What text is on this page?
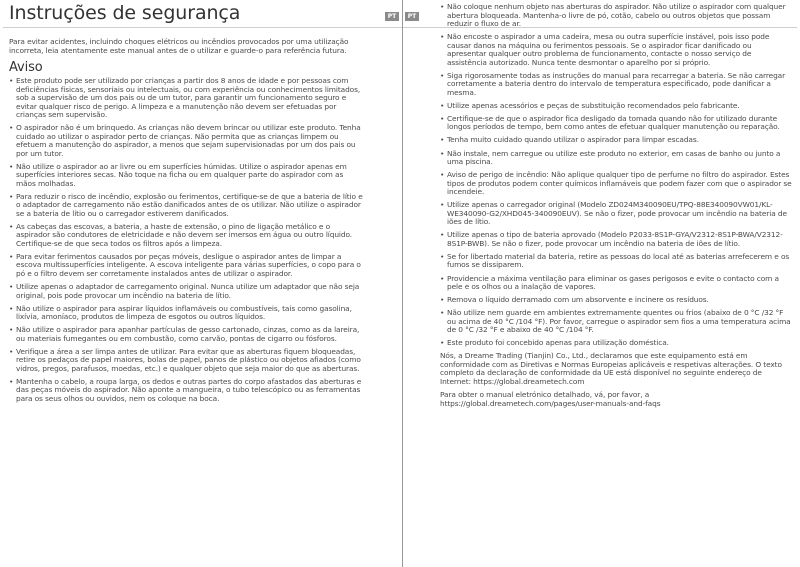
Instruções de segurança
Para evitar acidentes, incluindo choques elétricos ou incêndios provocados por uma utilização incorreta, leia atentamente este manual antes de o utilizar e guarde-o para referência futura.
Aviso
• Este produto pode ser utilizado por crianças a partir dos 8 anos de idade e por pessoas com deficiências físicas, sensoriais ou intelectuais, ou com experiência ou conhecimentos limitados, sob a supervisão de um dos pais ou de um tutor, para garantir um funcionamento seguro e evitar qualquer risco de perigo. A limpeza e a manutenção não devem ser efetuadas por crianças sem supervisão.
• O aspirador não é um brinquedo. As crianças não devem brincar ou utilizar este produto. Tenha cuidado ao utilizar o aspirador perto de crianças. Não permita que as crianças limpem ou efetuem a manutenção do aspirador, a menos que sejam supervisionadas por um dos pais ou por um tutor.
• Não utilize o aspirador ao ar livre ou em superfícies húmidas. Utilize o aspirador apenas em superfícies interiores secas. Não toque na ficha ou em qualquer parte do aspirador com as mãos molhadas.
• Para reduzir o risco de incêndio, explosão ou ferimentos, certifique-se de que a bateria de lítio e o adaptador de carregamento não estão danificados antes de os utilizar. Não utilize o aspirador se a bateria de lítio ou o carregador estiverem danificados.
• As cabeças das escovas, a bateria, a haste de extensão, o pino de ligação metálico e o aspirador são condutores de eletricidade e não devem ser imersos em água ou outro líquido. Certifique-se de que seca todos os filtros após a limpeza.
• Para evitar ferimentos causados por peças móveis, desligue o aspirador antes de limpar a escova multissuperfícies inteligente. A escova inteligente para várias superfícies, o copo para o pó e o filtro devem ser corretamente instalados antes de utilizar o aspirador.
• Utilize apenas o adaptador de carregamento original. Nunca utilize um adaptador que não seja original, pois pode provocar um incêndio na bateria de lítio.
• Não utilize o aspirador para aspirar líquidos inflamáveis ou combustíveis, tais como gasolina, lixívia, amoníaco, produtos de limpeza de esgotos ou outros líquidos.
• Não utilize o aspirador para apanhar partículas de gesso cartonado, cinzas, como as da lareira, ou materiais fumegantes ou em combustão, como carvão, pontas de cigarro ou fósforos.
• Verifique a área a ser limpa antes de utilizar. Para evitar que as aberturas fiquem bloqueadas, retire os pedaços de papel maiores, bolas de papel, panos de plástico ou objetos afiados (como vidros, pregos, parafusos, moedas, etc.) e qualquer objeto que seja maior do que as aberturas.
• Mantenha o cabelo, a roupa larga, os dedos e outras partes do corpo afastados das aberturas e das peças móveis do aspirador. Não aponte a mangueira, o tubo telescópico ou as ferramentas para os seus olhos ou ouvidos, nem os coloque na boca.
PT	PT
• Não coloque nenhum objeto nas aberturas do aspirador. Não utilize o aspirador com qualquer abertura bloqueada. Mantenha-o livre de pó, cotão, cabelo ou outros objetos que possam reduzir o fluxo de ar.
• Não encoste o aspirador a uma cadeira, mesa ou outra superfície instável, pois isso pode causar danos na máquina ou ferimentos pessoais. Se o aspirador ficar danificado ou apresentar qualquer outro problema de funcionamento, contacte o nosso serviço de assistência autorizado. Nunca tente desmontar o aparelho por si próprio.
• Siga rigorosamente todas as instruções do manual para recarregar a bateria. Se não carregar corretamente a bateria dentro do intervalo de temperatura especificado, pode danificar a mesma.
• Utilize apenas acessórios e peças de substituição recomendados pelo fabricante.
• Certifique-se de que o aspirador fica desligado da tomada quando não for utilizado durante longos períodos de tempo, bem como antes de efetuar qualquer manutenção ou reparação.
• Tenha muito cuidado quando utilizar o aspirador para limpar escadas.
• Não instale, nem carregue ou utilize este produto no exterior, em casas de banho ou junto a uma piscina.
• Aviso de perigo de incêndio: Não aplique qualquer tipo de perfume no filtro do aspirador. Estes tipos de produtos podem conter químicos inflamáveis que podem fazer com que o aspirador se incendeie.
• Utilize apenas o carregador original (Modelo ZD024M340090EU/TPQ-88E340090VW01/KL-WE340090-G2/XHD045-340090EUV). Se não o fizer, pode provocar um incêndio na bateria de iões de lítio.
• Utilize apenas o tipo de bateria aprovado (Modelo P2033-8S1P-GYA/V2312-8S1P-BWA/V2312-8S1P-BWB). Se não o fizer, pode provocar um incêndio na bateria de iões de lítio.
• Se for libertado material da bateria, retire as pessoas do local até as baterias arrefecerem e os fumos se dissiparem.
• Providencie a máxima ventilação para eliminar os gases perigosos e evite o contacto com a pele e os olhos ou a inalação de vapores.
• Remova o líquido derramado com um absorvente e incinere os resíduos.
• Não utilize nem guarde em ambientes extremamente quentes ou frios (abaixo de 0 °C /32 °F ou acima de 40 °C /104 °F). Por favor, carregue o aspirador sem fios a uma temperatura acima de 0 °C /32 °F e abaixo de 40 °C /104 °F.
• Este produto foi concebido apenas para utilização doméstica.
Nós, a Dreame Trading (Tianjin) Co., Ltd., declaramos que este equipamento está em conformidade com as Diretivas e Normas Europeias aplicáveis e respetivas alterações. O texto completo da declaração de conformidade da UE está disponível no seguinte endereço de Internet: https://global.dreametech.com
Para obter o manual eletrónico detalhado, vá, por favor, a https://global.dreametech.com/pages/user-manuals-and-faqs
